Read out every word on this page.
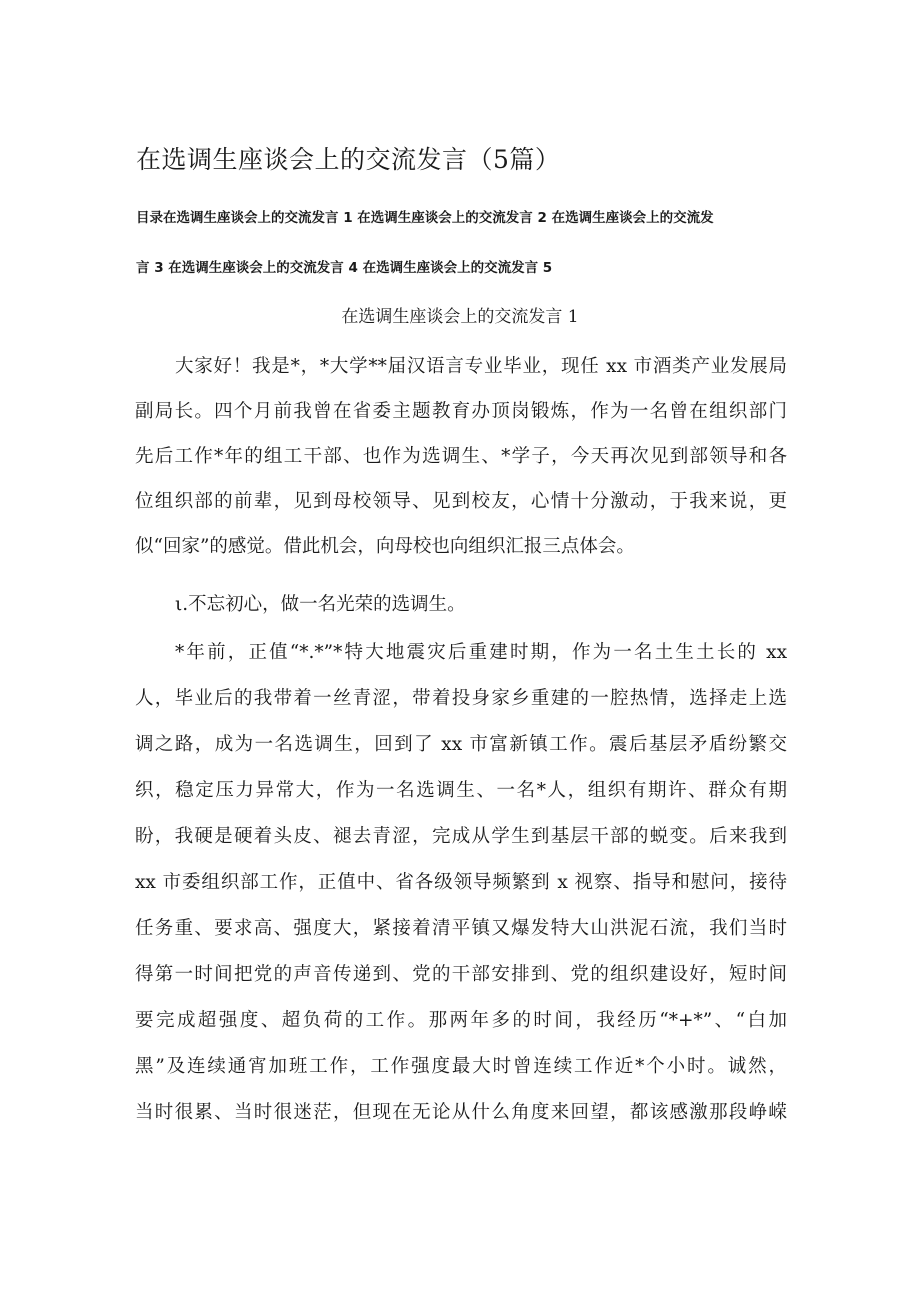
在选调生座谈会上的交流发言（5篇）

目录在选调生座谈会上的交流发言 1 在选调生座谈会上的交流发言 2 在选调生座谈会上的交流发

言 3 在选调生座谈会上的交流发言 4 在选调生座谈会上的交流发言 5

在选调生座谈会上的交流发言 1

大家好！我是*，*大学**届汉语言专业毕业，现任 xx 市酒类产业发展局

副局长。四个月前我曾在省委主题教育办顶岗锻炼，作为一名曾在组织部门

先后工作*年的组工干部、也作为选调生、*学子，今天再次见到部领导和各

位组织部的前辈，见到母校领导、见到校友，心情十分激动，于我来说，更

似“回家”的感觉。借此机会，向母校也向组织汇报三点体会。

ι.不忘初心，做一名光荣的选调生。

*年前，正值“*.*”*特大地震灾后重建时期，作为一名土生土长的 xx

人，毕业后的我带着一丝青涩，带着投身家乡重建的一腔热情，选择走上选

调之路，成为一名选调生，回到了 xx 市富新镇工作。震后基层矛盾纷繁交

织，稳定压力异常大，作为一名选调生、一名*人，组织有期许、群众有期

盼，我硬是硬着头皮、褪去青涩，完成从学生到基层干部的蜕变。后来我到

xx 市委组织部工作，正值中、省各级领导频繁到 x 视察、指导和慰问，接待

任务重、要求高、强度大，紧接着清平镇又爆发特大山洪泥石流，我们当时

得第一时间把党的声音传递到、党的干部安排到、党的组织建设好，短时间

要完成超强度、超负荷的工作。那两年多的时间，我经历“*+*”、“白加

黑”及连续通宵加班工作，工作强度最大时曾连续工作近*个小时。诚然，

当时很累、当时很迷茫，但现在无论从什么角度来回望，都该感激那段峥嵘
